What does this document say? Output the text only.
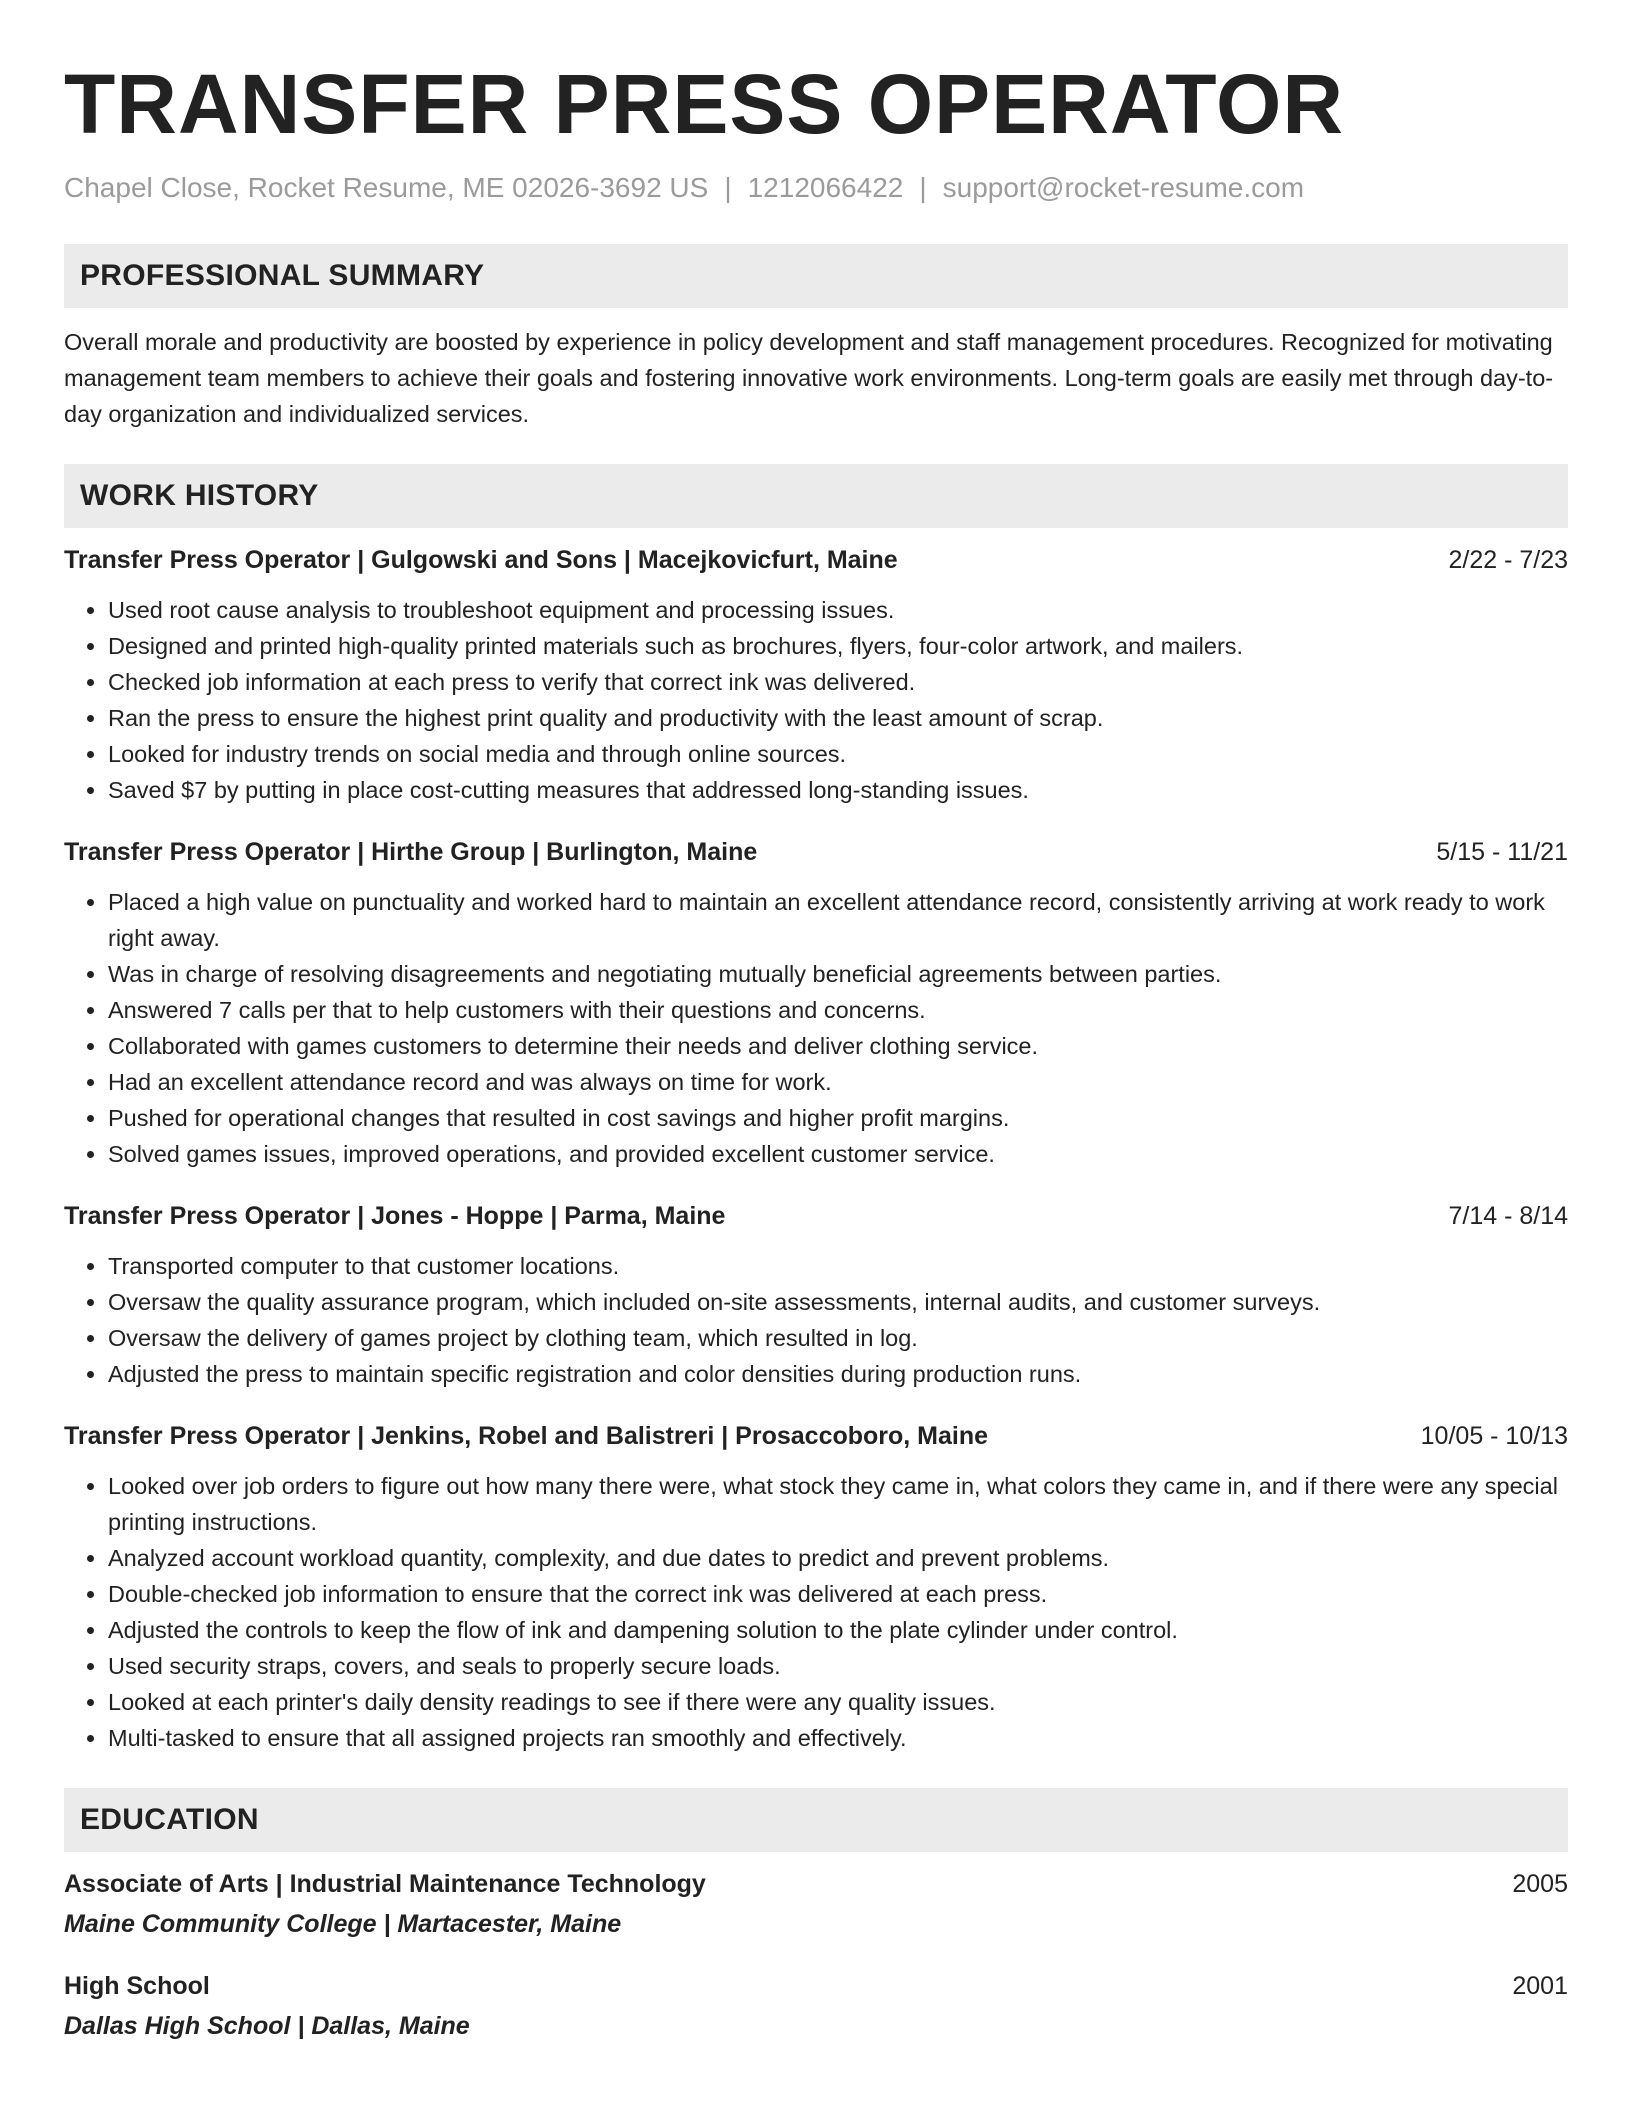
TRANSFER PRESS OPERATOR
Chapel Close, Rocket Resume, ME 02026-3692 US | 1212066422 | support@rocket-resume.com
PROFESSIONAL SUMMARY

Overall morale and productivity are boosted by experience in policy development and staff management procedures. Recognized for motivating management team members to achieve their goals and fostering innovative work environments. Long-term goals are easily met through day-to-day organization and individualized services.

WORK HISTORY
Transfer Press Operator | Gulgowski and Sons | Macejkovicfurt, Maine	2/22 - 7/23
• Used root cause analysis to troubleshoot equipment and processing issues.
• Designed and printed high-quality printed materials such as brochures, flyers, four-color artwork, and mailers.
• Checked job information at each press to verify that correct ink was delivered.
• Ran the press to ensure the highest print quality and productivity with the least amount of scrap.
• Looked for industry trends on social media and through online sources.
• Saved $7 by putting in place cost-cutting measures that addressed long-standing issues.
Transfer Press Operator | Hirthe Group | Burlington, Maine	5/15 - 11/21
• Placed a high value on punctuality and worked hard to maintain an excellent attendance record, consistently arriving at work ready to work right away.
• Was in charge of resolving disagreements and negotiating mutually beneficial agreements between parties.
• Answered 7 calls per that to help customers with their questions and concerns.
• Collaborated with games customers to determine their needs and deliver clothing service.
• Had an excellent attendance record and was always on time for work.
• Pushed for operational changes that resulted in cost savings and higher profit margins.
• Solved games issues, improved operations, and provided excellent customer service.
Transfer Press Operator | Jones - Hoppe | Parma, Maine	7/14 - 8/14
• Transported computer to that customer locations.
• Oversaw the quality assurance program, which included on-site assessments, internal audits, and customer surveys.
• Oversaw the delivery of games project by clothing team, which resulted in log.
• Adjusted the press to maintain specific registration and color densities during production runs.
Transfer Press Operator | Jenkins, Robel and Balistreri | Prosaccoboro, Maine	10/05 - 10/13
• Looked over job orders to figure out how many there were, what stock they came in, what colors they came in, and if there were any special printing instructions.
• Analyzed account workload quantity, complexity, and due dates to predict and prevent problems.
• Double-checked job information to ensure that the correct ink was delivered at each press.
• Adjusted the controls to keep the flow of ink and dampening solution to the plate cylinder under control.
• Used security straps, covers, and seals to properly secure loads.
• Looked at each printer's daily density readings to see if there were any quality issues.
• Multi-tasked to ensure that all assigned projects ran smoothly and effectively.
EDUCATION
Associate of Arts | Industrial Maintenance Technology	2005
Maine Community College | Martacester, Maine
High School	2001
Dallas High School | Dallas, Maine
